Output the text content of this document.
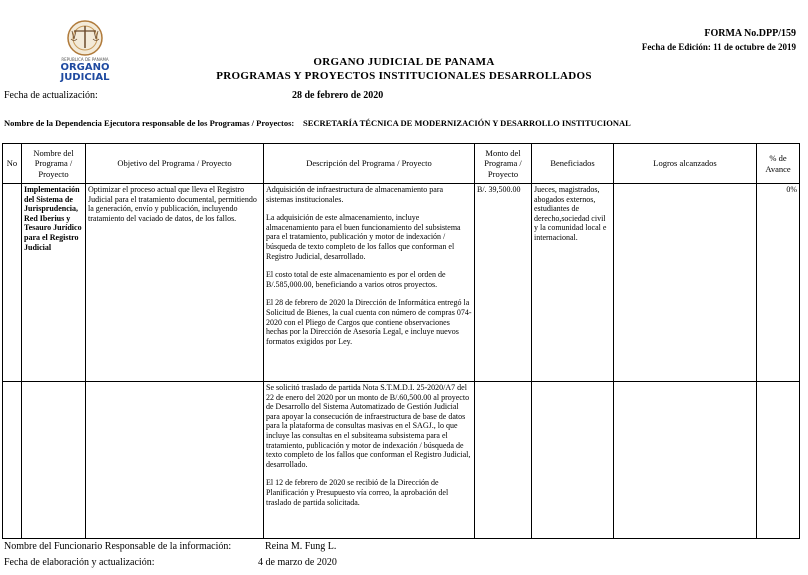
REPUBLICA DE PANAMA
ORGANO
JUDICIAL
FORMA No.DPP/159
Fecha de Edición: 11 de octubre de 2019
ORGANO JUDICIAL DE PANAMA
PROGRAMAS Y PROYECTOS INSTITUCIONALES DESARROLLADOS
Fecha de actualización:	28 de febrero de 2020
Nombre de la Dependencia Ejecutora responsable de los Programas / Proyectos: SECRETARÍA TÉCNICA DE MODERNIZACIÓN Y DESARROLLO INSTITUCIONAL
No	Nombre del Programa / Proyecto	Objetivo del Programa / Proyecto	Descripción del Programa / Proyecto	Monto del Programa / Proyecto	Beneficiados	Logros alcanzados	% de Avance
	Implementación del Sistema de Jurisprudencia, Red Iberius y Tesauro Jurídico para el Registro Judicial	Optimizar el proceso actual que lleva el Registro Judicial para el tratamiento documental, permitiendo la generación, envío y publicación, incluyendo tratamiento del vaciado de datos, de los fallos.	Adquisición de infraestructura de almacenamiento para sistemas institucionales.

La adquisición de este almacenamiento, incluye almacenamiento para el buen funcionamiento del subsistema para el tratamiento, publicación y motor de indexación / búsqueda de texto completo de los fallos que conforman el Registro Judicial, desarrollado.

El costo total de este almacenamiento es por el orden de B/.585,000.00, beneficiando a varios otros proyectos.

El 28 de febrero de 2020 la Dirección de Informática entregó la Solicitud de Bienes, la cual cuenta con número de compras 074-2020 con el Pliego de Cargos que contiene observaciones hechas por la Dirección de Asesoría Legal, e incluye nuevos formatos exigidos por Ley.	B/. 39,500.00	Jueces, magistrados, abogados externos, estudiantes de derecho,sociedad civil y la comunidad local e internacional.		0%

			Se solicitó traslado de partida Nota S.T.M.D.I. 25-2020/A7 del 22 de enero del 2020 por un monto de B/.60,500.00 al proyecto de Desarrollo del Sistema Automatizado de Gestión Judicial para apoyar la consecución de infraestructura de base de datos para la plataforma de consultas masivas en el SAGJ., lo que incluye las consultas en el subsiteama subsistema para el tratamiento, publicación y motor de indexación / búsqueda de texto completo de los fallos que conforman el Registro Judicial, desarrollado.

El 12 de febrero de 2020 se recibió de la Dirección de Planificación y Presupuesto vía correo, la aprobación del traslado de partida solicitada.				

Nombre del Funcionario Responsable de la información:	Reina M. Fung L.
Fecha de elaboración y actualización:	4 de marzo de 2020
